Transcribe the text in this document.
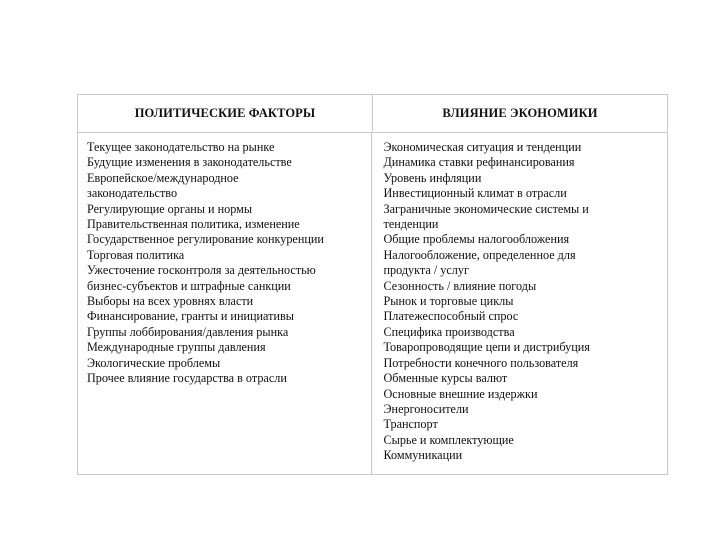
ПОЛИТИЧЕСКИЕ ФАКТОРЫ	ВЛИЯНИЕ ЭКОНОМИКИ
Текущее законодательство на рынке
Будущие изменения в законодательстве
Европейское/международное
законодательство
Регулирующие органы и нормы
Правительственная политика, изменение
Государственное регулирование конкуренции
Торговая политика
Ужесточение госконтроля за деятельностью
бизнес-субъектов и штрафные санкции
Выборы на всех уровнях власти
Финансирование, гранты и инициативы
Группы лоббирования/давления рынка
Международные группы давления
Экологические проблемы
Прочее влияние государства в отрасли
Экономическая ситуация и тенденции
Динамика ставки рефинансирования
Уровень инфляции
Инвестиционный климат в отрасли
Заграничные экономические системы и
тенденции
Общие проблемы налогообложения
Налогообложение, определенное для
продукта / услуг
Сезонность / влияние погоды
Рынок и торговые циклы
Платежеспособный спрос
Специфика производства
Товаропроводящие цепи и дистрибуция
Потребности конечного пользователя
Обменные курсы валют
Основные внешние издержки
Энергоносители
Транспорт
Сырье и комплектующие
Коммуникации
